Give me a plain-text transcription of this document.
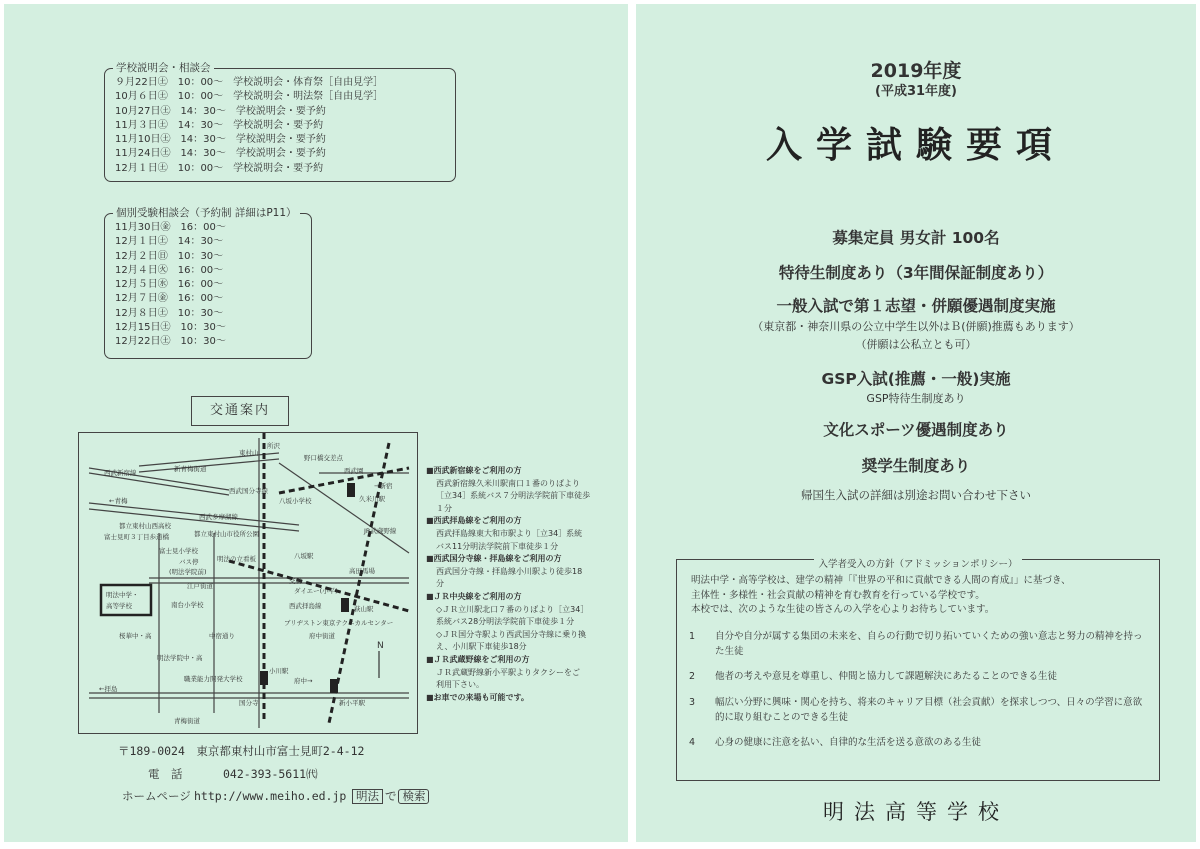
学校説明会・相談会
９月22日㊏　10：00～　学校説明会・体育祭［自由見学］
10月６日㊏　10：00～　学校説明会・明法祭［自由見学］
10月27日㊏　14：30～　学校説明会・要予約
11月３日㊏　14：30～　学校説明会・要予約
11月10日㊏　14：30～　学校説明会・要予約
11月24日㊏　14：30～　学校説明会・要予約
12月１日㊏　10：00～　学校説明会・要予約
個別受験相談会（予約制 詳細はP11）
11月30日㊎　16：00～
12月１日㊏　14：30～
12月２日㊐　10：30～
12月４日㊋　16：00～
12月５日㊌　16：00～
12月７日㊎　16：00～
12月８日㊏　10：30～
12月15日㊏　10：30～
12月22日㊏　10：30～
交通案内
明法中学・
高等学校
西武新宿線	新青梅街道
←青梅
西武多摩湖線
都立東村山西高校
都立東村山市役所公園
富士見町３丁目歩道橋
富士見小学校
バス停
(明法学院前)
明法の立看板
江戸街道
南台小学校
桜華中・高	中宿通り
明法学院中・高
職業能力開発大学校
←拝島
青梅街道
東村山
所沢
八坂小学校
西武国分寺線
八坂駅
交番
ダイエー(小平)
西武拝島線
ブリヂストン東京テクニカルセンター
小川駅
野口橋交差点
西武園
→新宿
久米川駅
JR武蔵野線
萩山駅
新小平駅
府中→
国分寺
府中街道
高田馬場
N
■西武新宿線をご利用の方
西武新宿線久米川駅南口１番のりばより
［立34］系統バス７分明法学院前下車徒歩
１分
■西武拝島線をご利用の方
西武拝島線東大和市駅より［立34］系統
バス11分明法学院前下車徒歩１分
■西武国分寺線・拝島線をご利用の方
西武国分寺線・拝島線小川駅より徒歩18
分
■ＪＲ中央線をご利用の方
◇ＪＲ立川駅北口７番のりばより［立34］
系統バス28分明法学院前下車徒歩１分
◇ＪＲ国分寺駅より西武国分寺線に乗り換
え、小川駅下車徒歩18分
■ＪＲ武蔵野線をご利用の方
ＪＲ武蔵野線新小平駅よりタクシーをご
利用下さい。
■お車での来場も可能です。
〒189-0024　東京都東村山市富士見町2-4-12
電　話	042-393-5611㈹
ホームページ http://www.meiho.ed.jp 明法 で 検索
2019年度
(平成31年度)
入学試験要項
募集定員 男女計 100名
特待生制度あり（3年間保証制度あり）
一般入試で第１志望・併願優遇制度実施
（東京都・神奈川県の公立中学生以外はＢ(併願)推薦もあります）
（併願は公私立とも可）
GSP入試(推薦・一般)実施
GSP特待生制度あり
文化スポーツ優遇制度あり
奨学生制度あり
帰国生入試の詳細は別途お問い合わせ下さい
入学者受入の方針（アドミッションポリシー）
明法中学・高等学校は、建学の精神「『世界の平和に貢献できる人間の育成』」に基づき、
主体性・多様性・社会貢献の精神を育む教育を行っている学校です。
本校では、次のような生徒の皆さんの入学を心よりお待ちしています。
1 自分や自分が属する集団の未来を、自らの行動で切り拓いていくための強い意志と努力の精神を持った生徒
2 他者の考えや意見を尊重し、仲間と協力して課題解決にあたることのできる生徒
3 幅広い分野に興味・関心を持ち、将来のキャリア目標（社会貢献）を探求しつつ、日々の学習に意欲的に取り組むことのできる生徒
4 心身の健康に注意を払い、自律的な生活を送る意欲のある生徒
明法高等学校
